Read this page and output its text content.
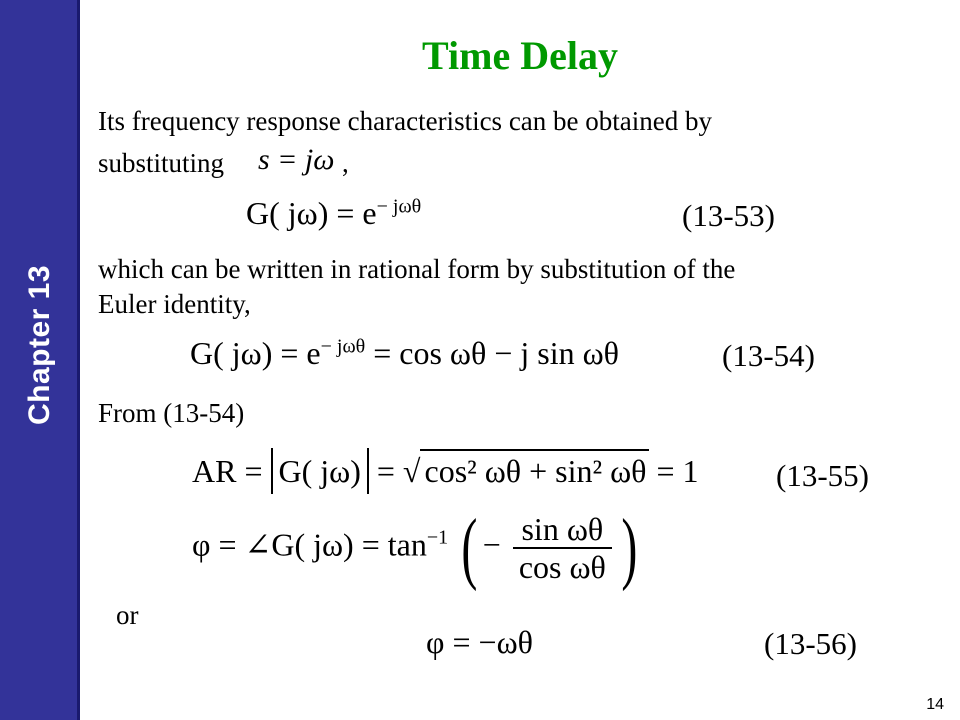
Chapter 13
Time Delay
Its frequency response characteristics can be obtained by
substituting s = jω ,
G( $j\omega) = e^{- j\omega\theta}$	(13-53)
which can be written in rational form by substitution of the
Euler identity,
G( $j\omega) = e^{- j\omega\theta} = \cos \omega\theta - j$ sin ωθ	(13-54)
From (13-54)
AR = G( jω) = √ cos² ωθ + sin² ωθ = 1 (13-55)
φ = ∠G( $j\omega) = \tan^{-1}$ ( − $\frac{\text{sin ωθ}}{\text{cos ωθ}}$ )
or
φ = −ωθ	(13-56)
14
